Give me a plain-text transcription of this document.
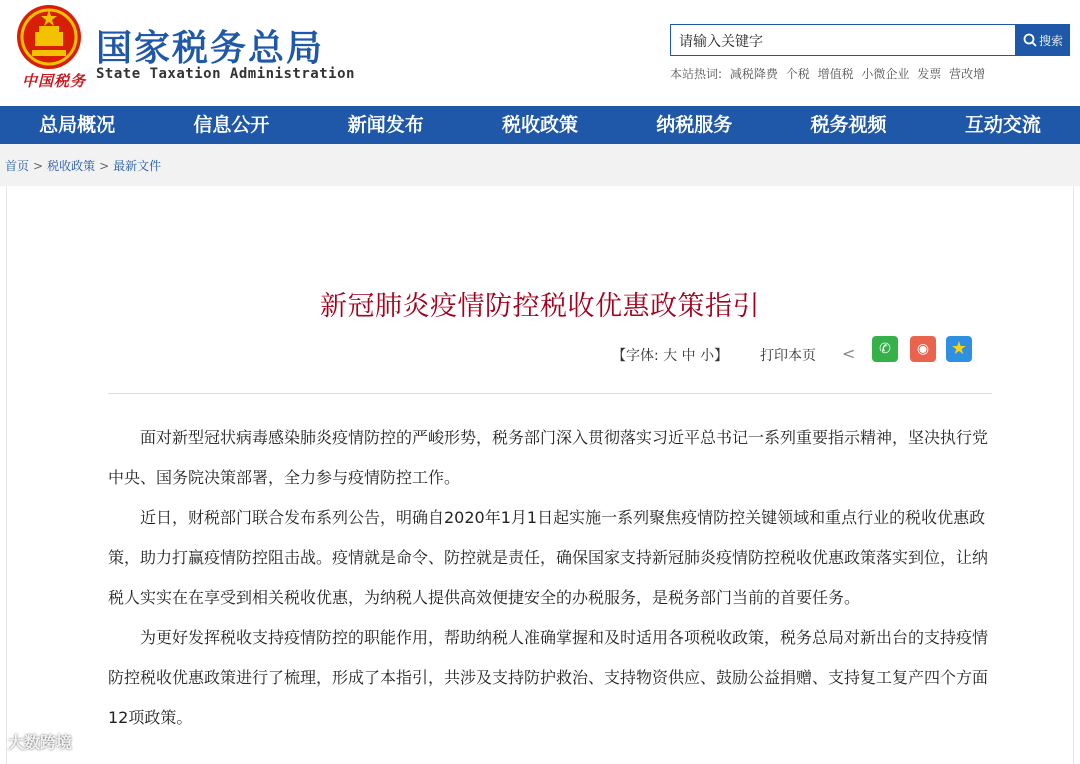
中国税务
国家税务总局
State Taxation Administration
请输入关键字	搜索
本站热词: 减税降费 个税 增值税 小微企业 发票 营改增
总局概况	信息公开	新闻发布	税收政策	纳税服务	税务视频	互动交流
首页 > 税收政策 > 最新文件
新冠肺炎疫情防控税收优惠政策指引
【字体: 大 中 小】 打印本页 <	✆	◉	★

面对新型冠状病毒感染肺炎疫情防控的严峻形势，税务部门深入贯彻落实习近平总书记一系列重要指示精神，坚决执行党中央、国务院决策部署，全力参与疫情防控工作。

近日，财税部门联合发布系列公告，明确自2020年1月1日起实施一系列聚焦疫情防控关键领域和重点行业的税收优惠政策，助力打赢疫情防控阻击战。疫情就是命令、防控就是责任，确保国家支持新冠肺炎疫情防控税收优惠政策落实到位，让纳税人实实在在享受到相关税收优惠，为纳税人提供高效便捷安全的办税服务，是税务部门当前的首要任务。

为更好发挥税收支持疫情防控的职能作用，帮助纳税人准确掌握和及时适用各项税收政策，税务总局对新出台的支持疫情防控税收优惠政策进行了梳理，形成了本指引，共涉及支持防护救治、支持物资供应、鼓励公益捐赠、支持复工复产四个方面12项政策。

大数跨境
